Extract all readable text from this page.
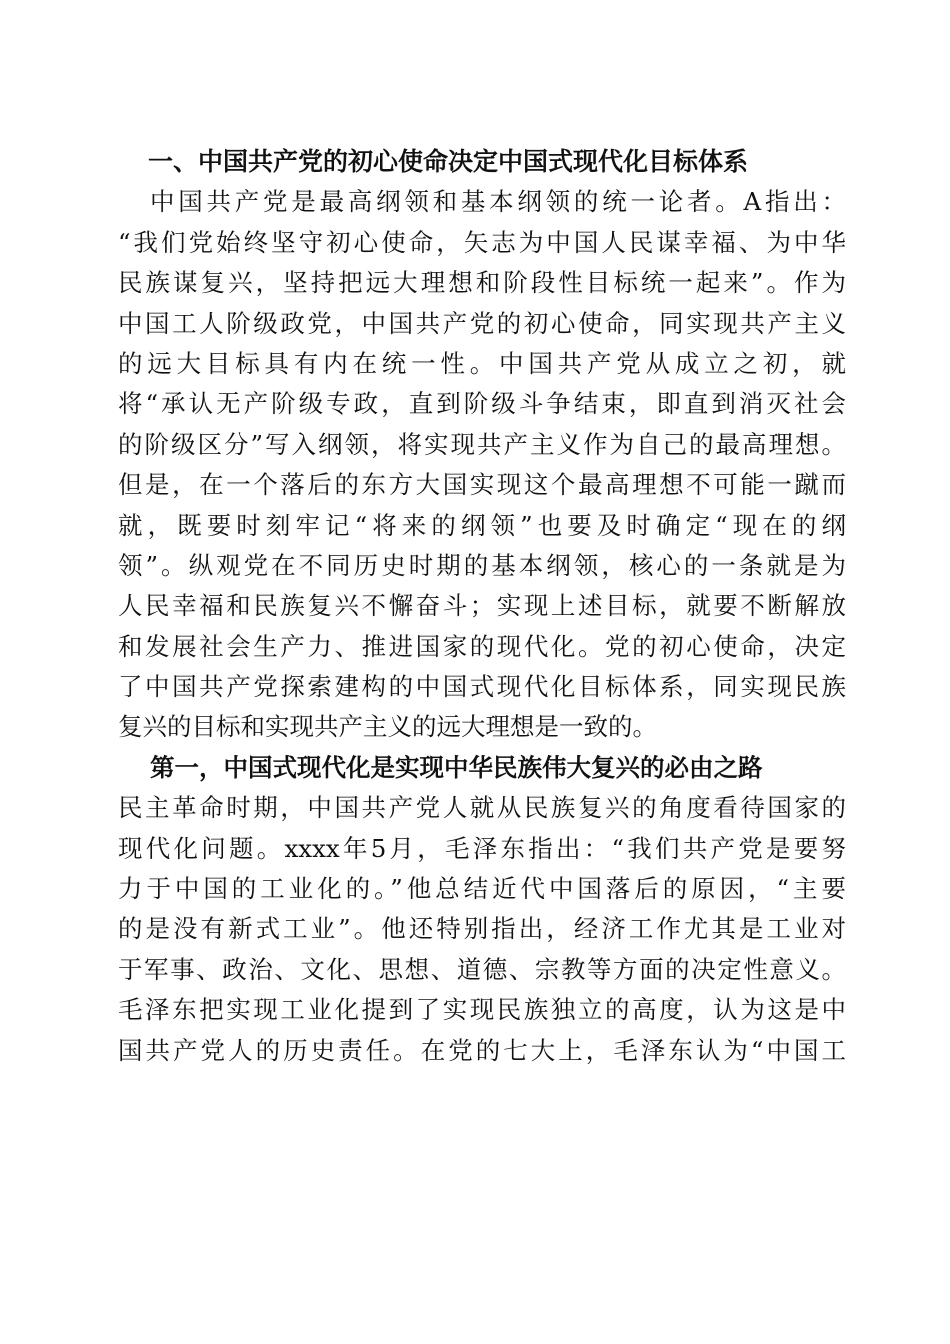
一、中国共产党的初心使命决定中国式现代化目标体系
中国共产党是最高纲领和基本纲领的统一论者。A指出：
“我们党始终坚守初心使命，矢志为中国人民谋幸福、为中华
民族谋复兴，坚持把远大理想和阶段性目标统一起来”。作为
中国工人阶级政党，中国共产党的初心使命，同实现共产主义
的远大目标具有内在统一性。中国共产党从成立之初，就
将“承认无产阶级专政，直到阶级斗争结束，即直到消灭社会
的阶级区分”写入纲领，将实现共产主义作为自己的最高理想。
但是，在一个落后的东方大国实现这个最高理想不可能一蹴而
就，既要时刻牢记“将来的纲领”也要及时确定“现在的纲
领”。纵观党在不同历史时期的基本纲领，核心的一条就是为
人民幸福和民族复兴不懈奋斗；实现上述目标，就要不断解放
和发展社会生产力、推进国家的现代化。党的初心使命，决定
了中国共产党探索建构的中国式现代化目标体系，同实现民族
复兴的目标和实现共产主义的远大理想是一致的。
第一，中国式现代化是实现中华民族伟大复兴的必由之路
民主革命时期，中国共产党人就从民族复兴的角度看待国家的
现代化问题。xxxx年5月，毛泽东指出：“我们共产党是要努
力于中国的工业化的。”他总结近代中国落后的原因，“主要
的是没有新式工业”。他还特别指出，经济工作尤其是工业对
于军事、政治、文化、思想、道德、宗教等方面的决定性意义。
毛泽东把实现工业化提到了实现民族独立的高度，认为这是中
国共产党人的历史责任。在党的七大上，毛泽东认为“中国工
